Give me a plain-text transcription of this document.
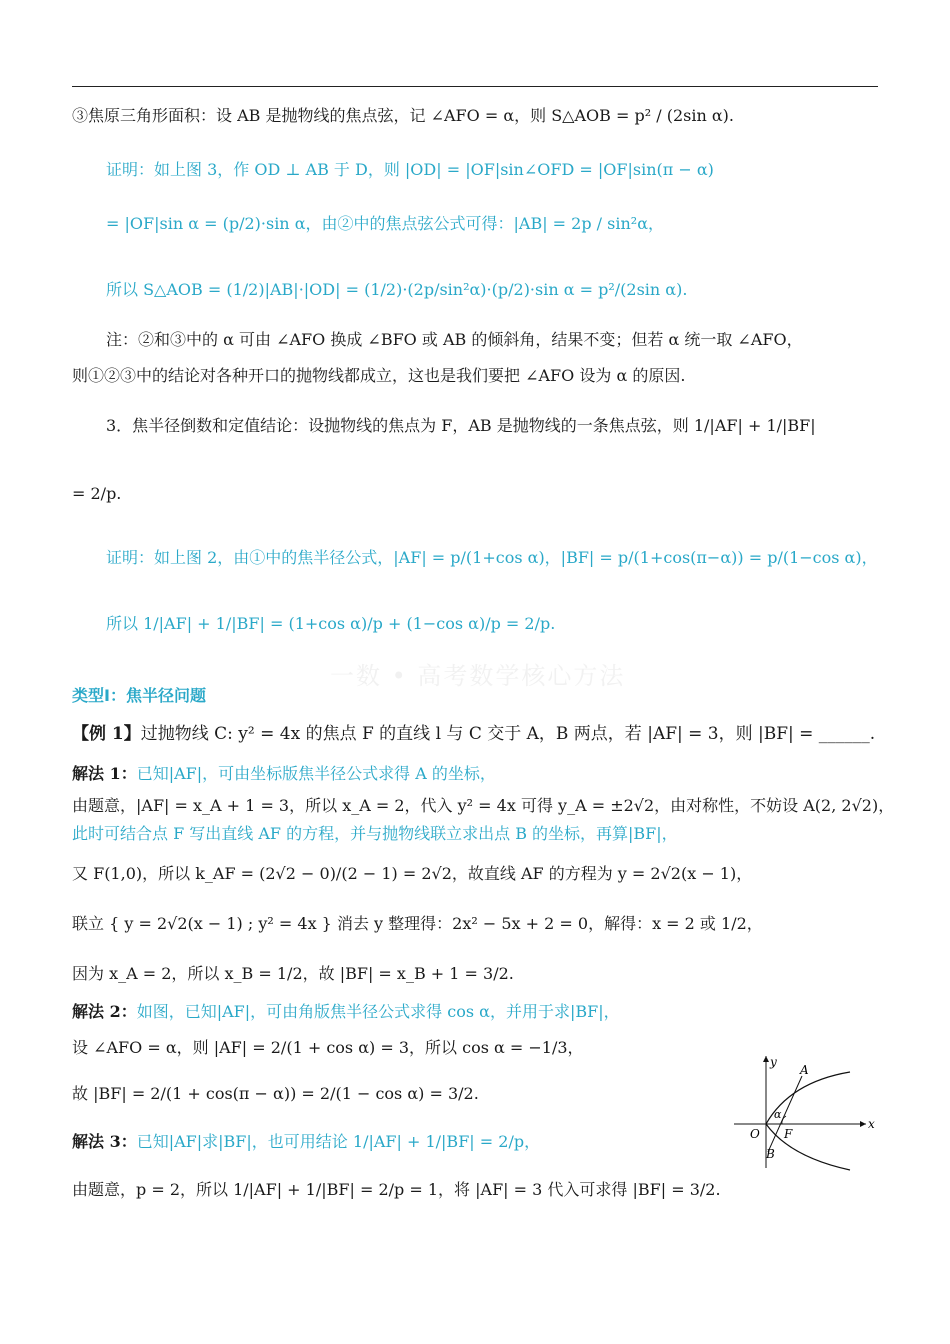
一数 • 高考数学核心方法
③焦原三角形面积：设 AB 是抛物线的焦点弦，记 ∠AFO = α，则 S△AOB = p² / (2sin α).
证明：如上图 3，作 OD ⊥ AB 于 D，则 |OD| = |OF|sin∠OFD = |OF|sin(π − α)
= |OF|sin α = (p/2)·sin α，由②中的焦点弦公式可得：|AB| = 2p / sin²α，
所以 S△AOB = (1/2)|AB|·|OD| = (1/2)·(2p/sin²α)·(p/2)·sin α = p²/(2sin α).
注：②和③中的 α 可由 ∠AFO 换成 ∠BFO 或 AB 的倾斜角，结果不变；但若 α 统一取 ∠AFO，
则①②③中的结论对各种开口的抛物线都成立，这也是我们要把 ∠AFO 设为 α 的原因.
3．焦半径倒数和定值结论：设抛物线的焦点为 F，AB 是抛物线的一条焦点弦，则 1/|AF| + 1/|BF|
= 2/p.
证明：如上图 2，由①中的焦半径公式，|AF| = p/(1+cos α)，|BF| = p/(1+cos(π−α)) = p/(1−cos α)，
所以 1/|AF| + 1/|BF| = (1+cos α)/p + (1−cos α)/p = 2/p.
类型Ⅰ：焦半径问题
【例 1】过抛物线 C: y² = 4x 的焦点 F 的直线 l 与 C 交于 A，B 两点，若 |AF| = 3，则 |BF| = ______.
解法 1：已知|AF|，可由坐标版焦半径公式求得 A 的坐标，
由题意，|AF| = x_A + 1 = 3，所以 x_A = 2，代入 y² = 4x 可得 y_A = ±2√2，由对称性，不妨设 A(2, 2√2)，
此时可结合点 F 写出直线 AF 的方程，并与抛物线联立求出点 B 的坐标，再算|BF|，
又 F(1,0)，所以 k_AF = (2√2 − 0)/(2 − 1) = 2√2，故直线 AF 的方程为 y = 2√2(x − 1)，
联立 { y = 2√2(x − 1) ; y² = 4x } 消去 y 整理得：2x² − 5x + 2 = 0，解得：x = 2 或 1/2，
因为 x_A = 2，所以 x_B = 1/2，故 |BF| = x_B + 1 = 3/2.
解法 2：如图，已知|AF|，可由角版焦半径公式求得 cos α，并用于求|BF|，
设 ∠AFO = α，则 |AF| = 2/(1 + cos α) = 3，所以 cos α = −1/3，
故 |BF| = 2/(1 + cos(π − α)) = 2/(1 − cos α) = 3/2.
解法 3：已知|AF|求|BF|，也可用结论 1/|AF| + 1/|BF| = 2/p，
由题意，p = 2，所以 1/|AF| + 1/|BF| = 2/p = 1，将 |AF| = 3 代入可求得 |BF| = 3/2.
y
x
A
O F
B
α
